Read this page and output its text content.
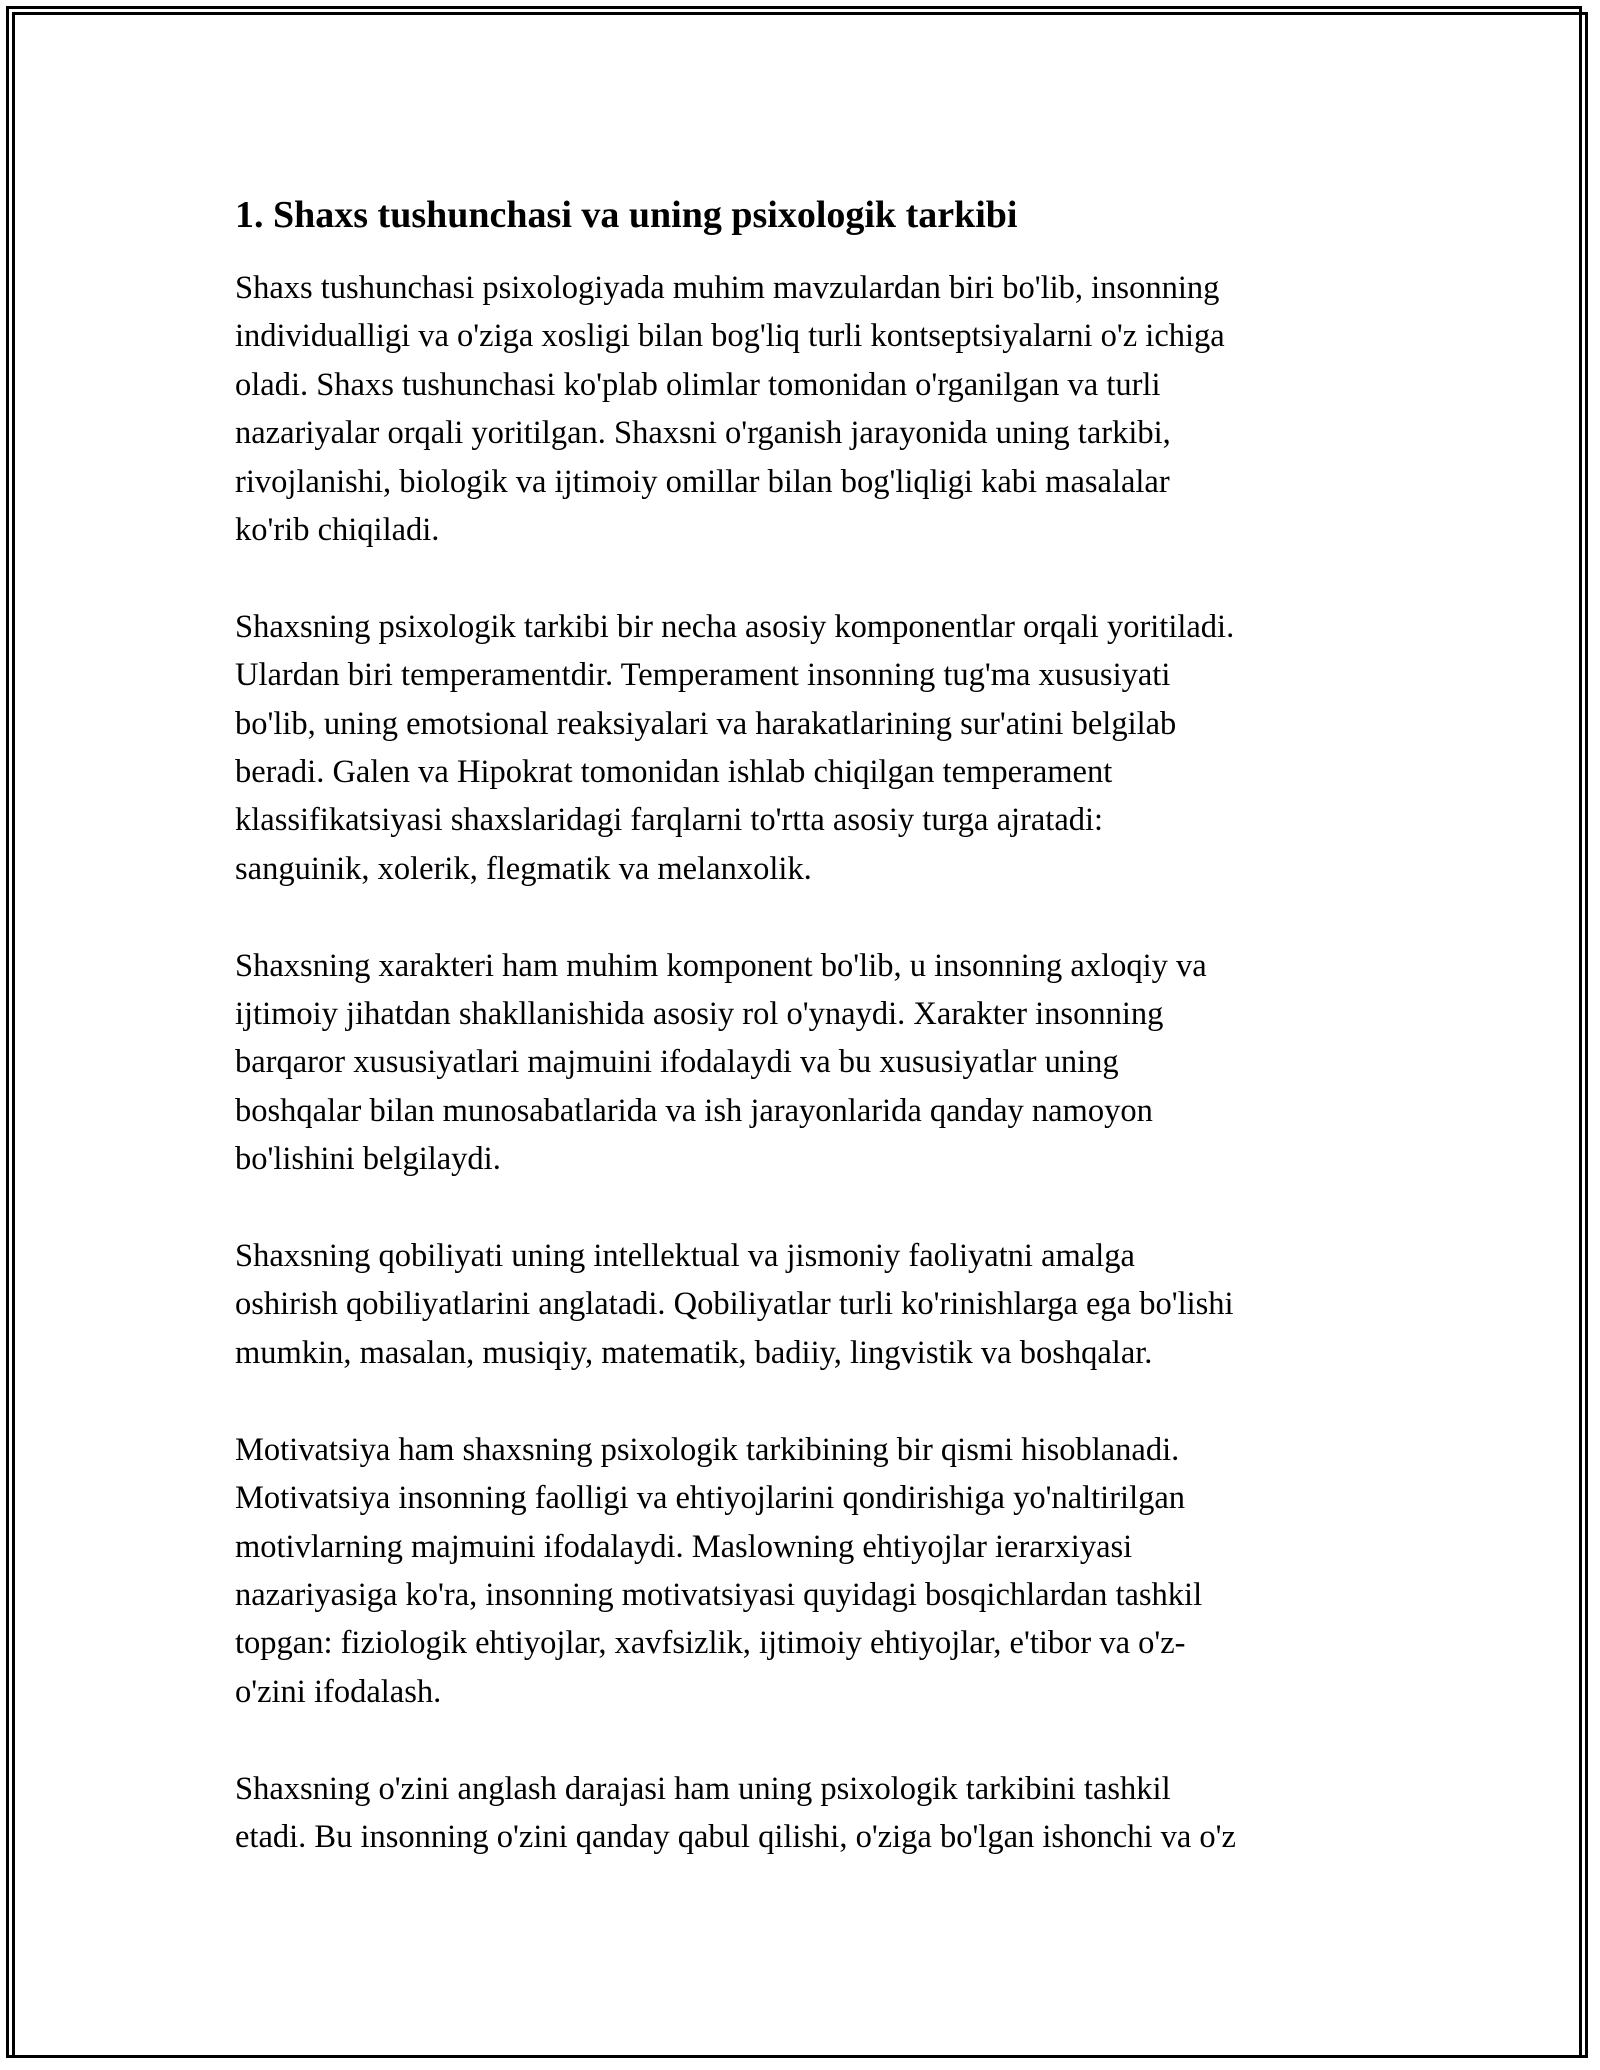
1. Shaxs tushunchasi va uning psixologik tarkibi

Shaxs tushunchasi psixologiyada muhim mavzulardan biri bo'lib, insonning
individualligi va o'ziga xosligi bilan bog'liq turli kontseptsiyalarni o'z ichiga
oladi. Shaxs tushunchasi ko'plab olimlar tomonidan o'rganilgan va turli
nazariyalar orqali yoritilgan. Shaxsni o'rganish jarayonida uning tarkibi,
rivojlanishi, biologik va ijtimoiy omillar bilan bog'liqligi kabi masalalar
ko'rib chiqiladi.

Shaxsning psixologik tarkibi bir necha asosiy komponentlar orqali yoritiladi.
Ulardan biri temperamentdir. Temperament insonning tug'ma xususiyati
bo'lib, uning emotsional reaksiyalari va harakatlarining sur'atini belgilab
beradi. Galen va Hipokrat tomonidan ishlab chiqilgan temperament
klassifikatsiyasi shaxslaridagi farqlarni to'rtta asosiy turga ajratadi:
sanguinik, xolerik, flegmatik va melanxolik.

Shaxsning xarakteri ham muhim komponent bo'lib, u insonning axloqiy va
ijtimoiy jihatdan shakllanishida asosiy rol o'ynaydi. Xarakter insonning
barqaror xususiyatlari majmuini ifodalaydi va bu xususiyatlar uning
boshqalar bilan munosabatlarida va ish jarayonlarida qanday namoyon
bo'lishini belgilaydi.

Shaxsning qobiliyati uning intellektual va jismoniy faoliyatni amalga
oshirish qobiliyatlarini anglatadi. Qobiliyatlar turli ko'rinishlarga ega bo'lishi
mumkin, masalan, musiqiy, matematik, badiiy, lingvistik va boshqalar.

Motivatsiya ham shaxsning psixologik tarkibining bir qismi hisoblanadi.
Motivatsiya insonning faolligi va ehtiyojlarini qondirishiga yo'naltirilgan
motivlarning majmuini ifodalaydi. Maslowning ehtiyojlar ierarxiyasi
nazariyasiga ko'ra, insonning motivatsiyasi quyidagi bosqichlardan tashkil
topgan: fiziologik ehtiyojlar, xavfsizlik, ijtimoiy ehtiyojlar, e'tibor va o'z-
o'zini ifodalash.

Shaxsning o'zini anglash darajasi ham uning psixologik tarkibini tashkil
etadi. Bu insonning o'zini qanday qabul qilishi, o'ziga bo'lgan ishonchi va o'z
